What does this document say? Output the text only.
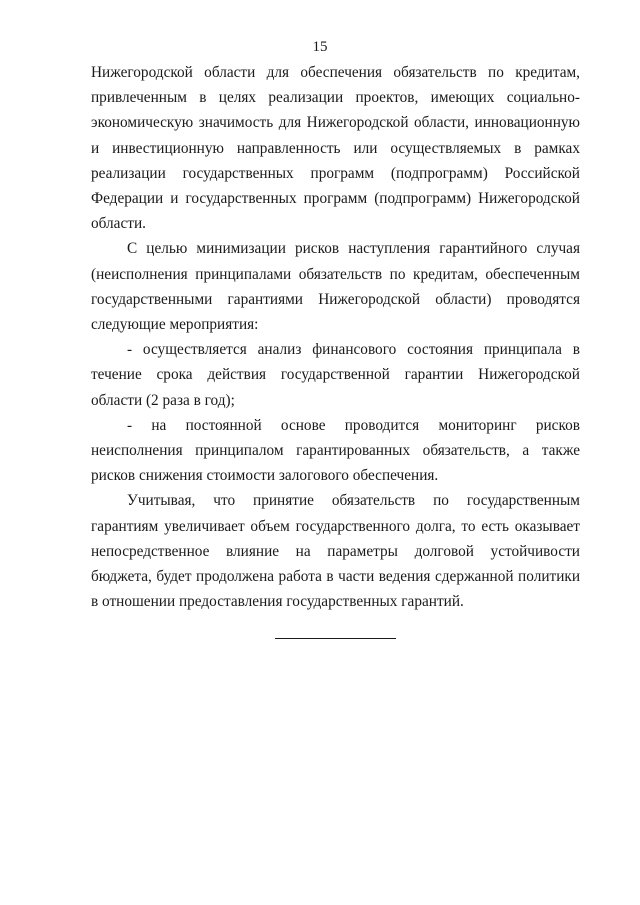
15

Нижегородской области для обеспечения обязательств по кредитам, привлеченным в целях реализации проектов, имеющих социально-экономическую значимость для Нижегородской области, инновационную и инвестиционную направленность или осуществляемых в рамках реализации государственных программ (подпрограмм) Российской Федерации и государственных программ (подпрограмм) Нижегородской области.

С целью минимизации рисков наступления гарантийного случая (неисполнения принципалами обязательств по кредитам, обеспеченным государственными гарантиями Нижегородской области) проводятся следующие мероприятия:

- осуществляется анализ финансового состояния принципала в течение срока действия государственной гарантии Нижегородской области (2 раза в год);

- на постоянной основе проводится мониторинг рисков неисполнения принципалом гарантированных обязательств, а также рисков снижения стоимости залогового обеспечения.

Учитывая, что принятие обязательств по государственным гарантиям увеличивает объем государственного долга, то есть оказывает непосредственное влияние на параметры долговой устойчивости бюджета, будет продолжена работа в части ведения сдержанной политики в отношении предоставления государственных гарантий.
